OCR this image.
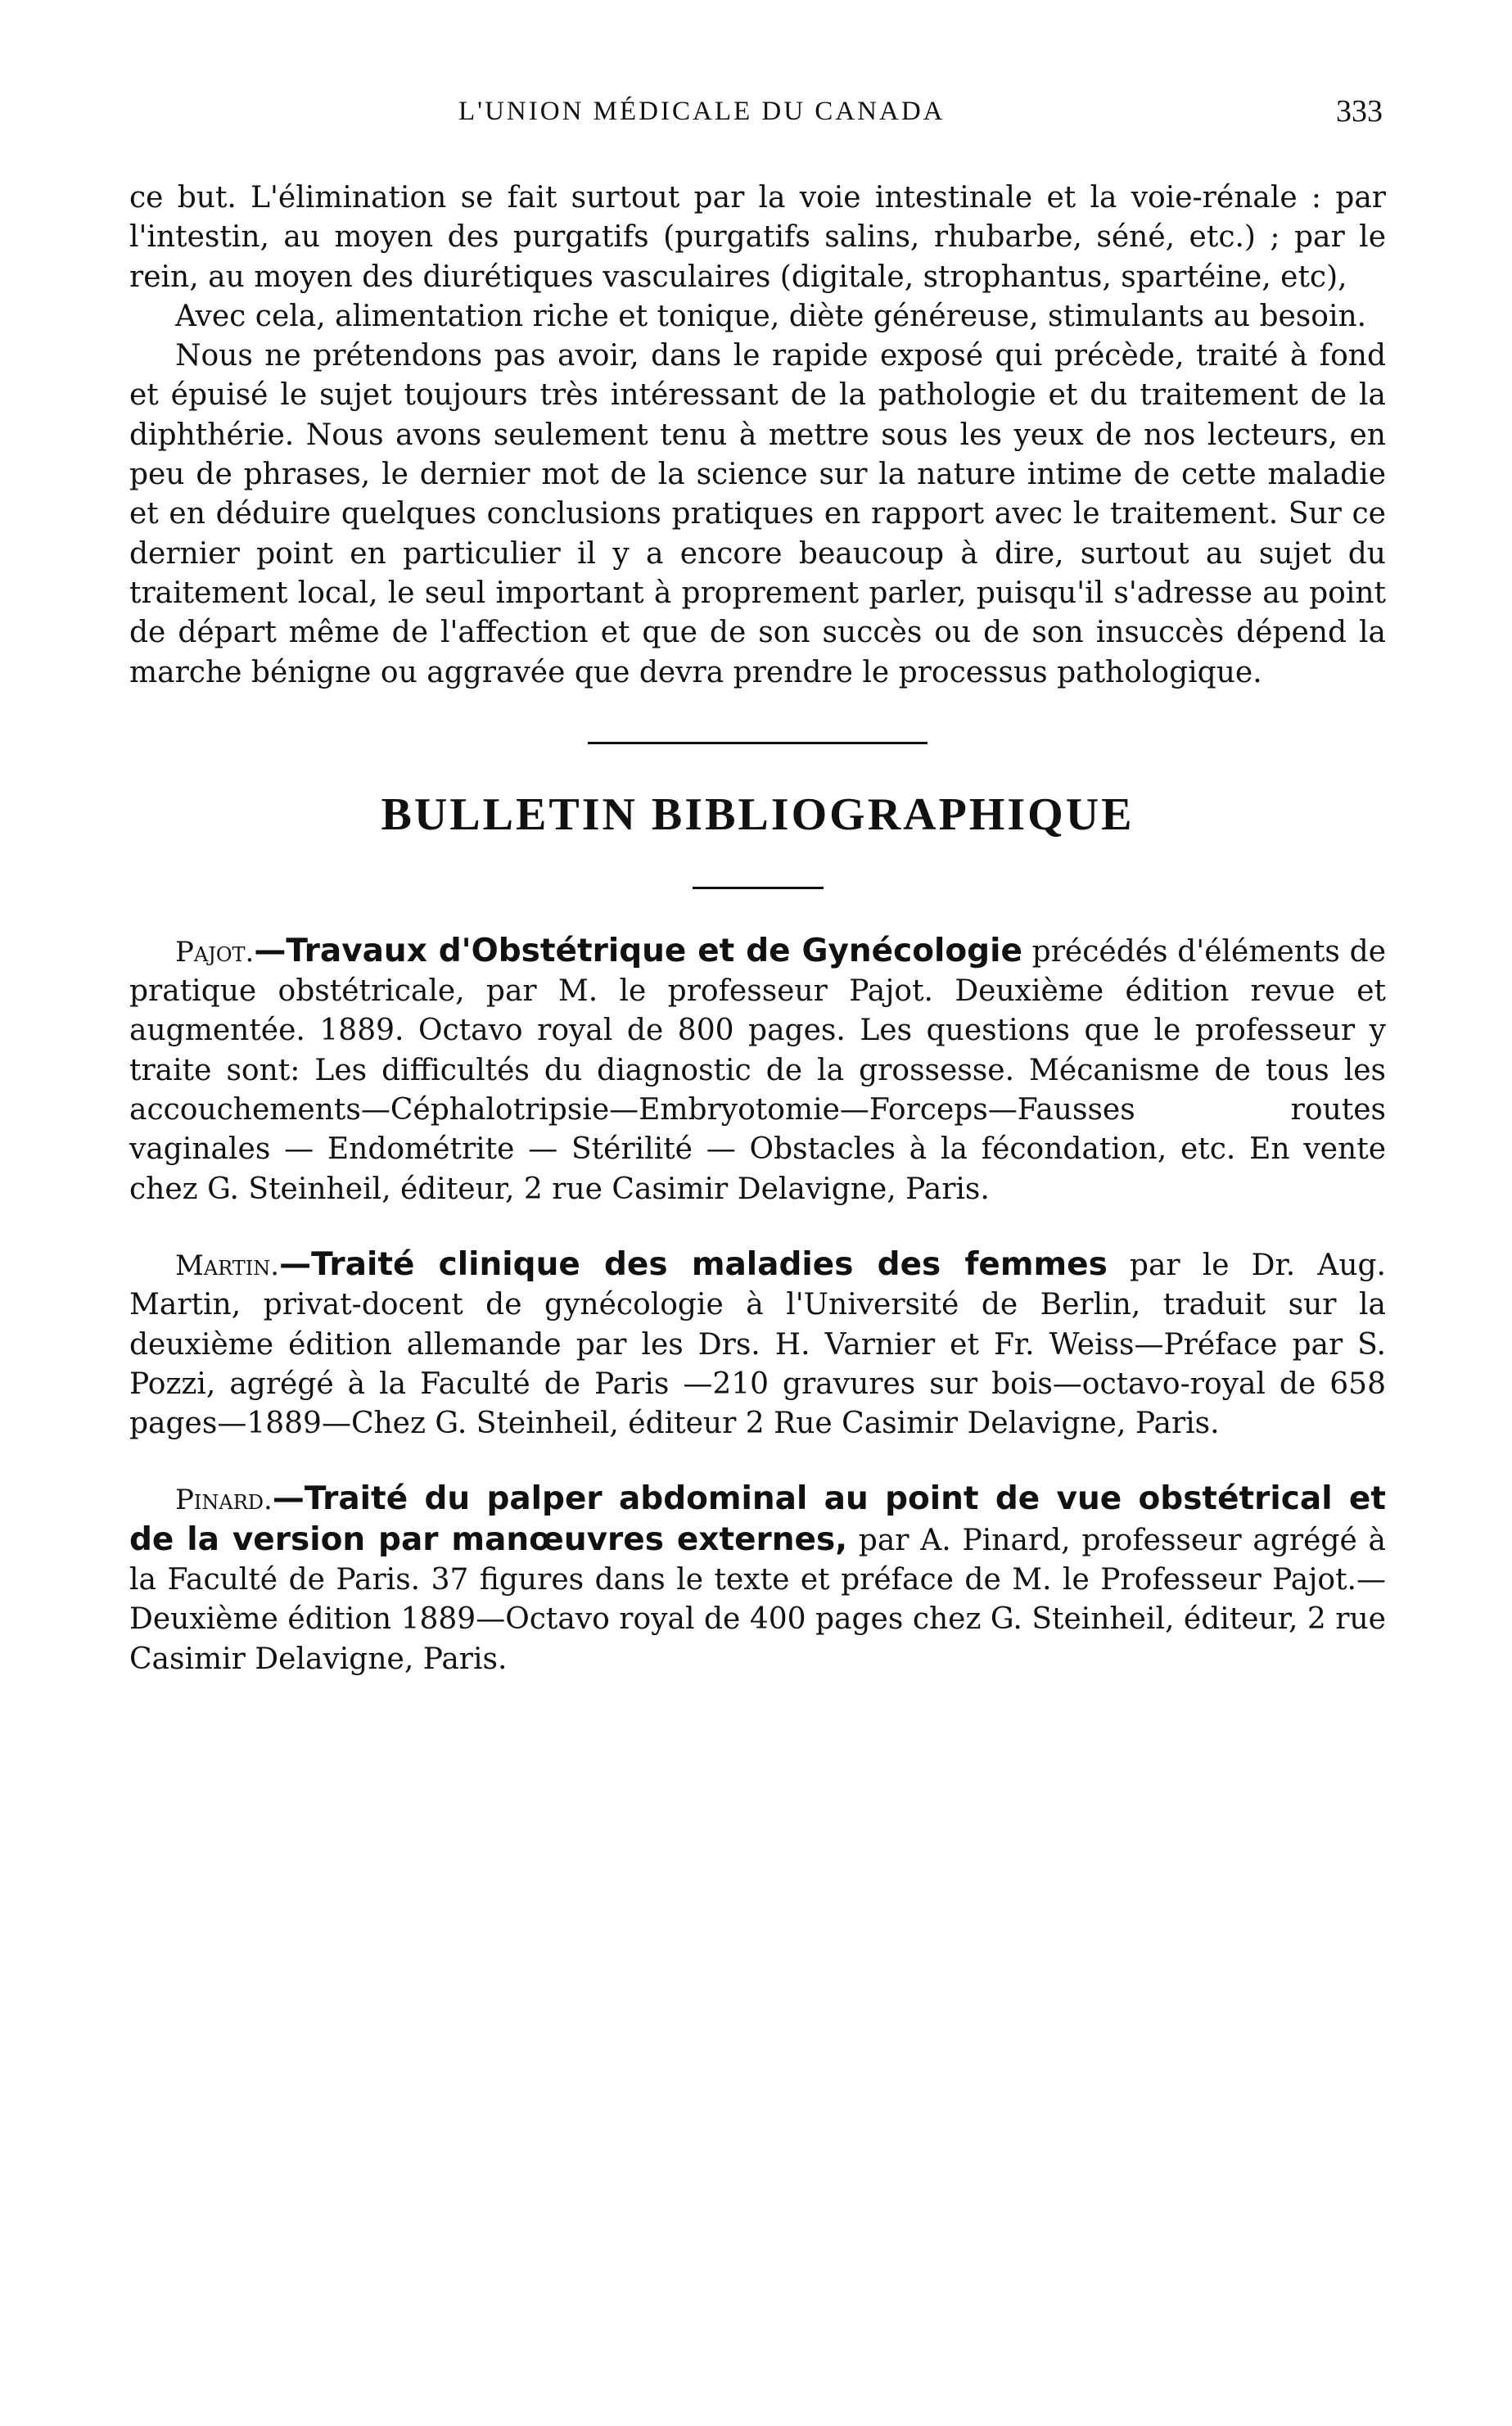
L'UNION MÉDICALE DU CANADA	333

ce but. L'élimination se fait surtout par la voie intestinale et la voie-rénale : par l'intestin, au moyen des purgatifs (purgatifs salins, rhubarbe, séné, etc.) ; par le rein, au moyen des diurétiques vasculaires (digitale, strophantus, spartéine, etc),

Avec cela, alimentation riche et tonique, diète généreuse, stimulants au besoin.

Nous ne prétendons pas avoir, dans le rapide exposé qui précède, traité à fond et épuisé le sujet toujours très intéressant de la pathologie et du traitement de la diphthérie. Nous avons seulement tenu à mettre sous les yeux de nos lecteurs, en peu de phrases, le dernier mot de la science sur la nature intime de cette maladie et en déduire quelques conclusions pratiques en rapport avec le traitement. Sur ce dernier point en particulier il y a encore beaucoup à dire, surtout au sujet du traitement local, le seul important à proprement parler, puisqu'il s'adresse au point de départ même de l'affection et que de son succès ou de son insuccès dépend la marche bénigne ou aggravée que devra prendre le processus pathologique.

BULLETIN BIBLIOGRAPHIQUE

Pajot.—Travaux d'Obstétrique et de Gynécologie précédés d'éléments de pratique obstétricale, par M. le professeur Pajot. Deuxième édition revue et augmentée. 1889. Octavo royal de 800 pages. Les questions que le professeur y traite sont: Les difficultés du diagnostic de la grossesse. Mécanisme de tous les accouchements—Céphalotripsie—Embryotomie—Forceps—Fausses routes vaginales — Endométrite — Stérilité — Obstacles à la fécondation, etc. En vente chez G. Steinheil, éditeur, 2 rue Casimir Delavigne, Paris.

Martin.—Traité clinique des maladies des femmes par le Dr. Aug. Martin, privat-docent de gynécologie à l'Université de Berlin, traduit sur la deuxième édition allemande par les Drs. H. Varnier et Fr. Weiss—Préface par S. Pozzi, agrégé à la Faculté de Paris —210 gravures sur bois—octavo-royal de 658 pages—1889—Chez G. Steinheil, éditeur 2 Rue Casimir Delavigne, Paris.

Pinard.—Traité du palper abdominal au point de vue obstétrical et de la version par manœuvres externes, par A. Pinard, professeur agrégé à la Faculté de Paris. 37 figures dans le texte et préface de M. le Professeur Pajot.—Deuxième édition 1889—Octavo royal de 400 pages chez G. Steinheil, éditeur, 2 rue Casimir Delavigne, Paris.
